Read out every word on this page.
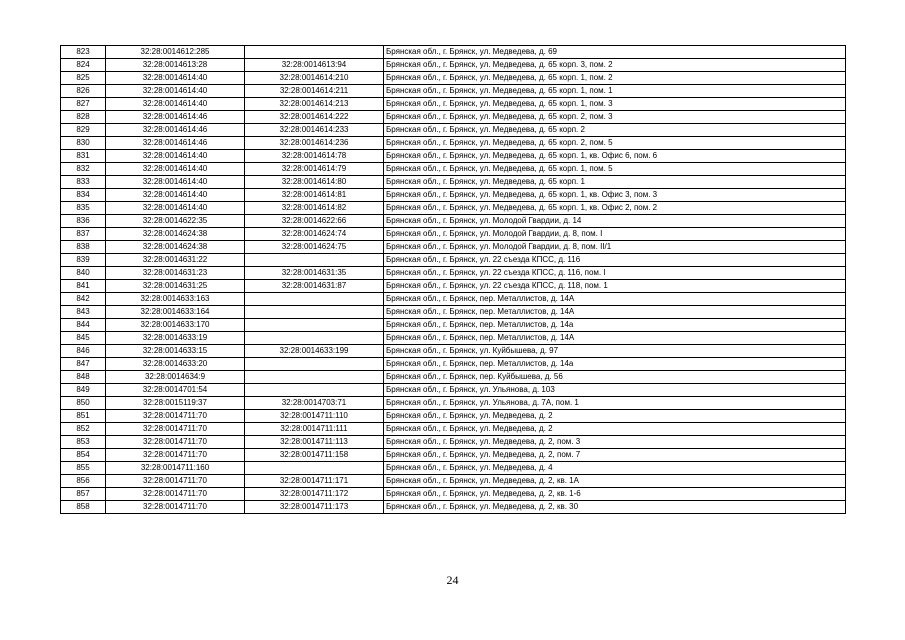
823	32:28:0014612:285		Брянская обл., г. Брянск, ул. Медведева, д. 69
824	32:28:0014613:28	32:28:0014613:94	Брянская обл., г. Брянск, ул. Медведева, д. 65 корп. 3, пом. 2
825	32:28:0014614:40	32:28:0014614:210	Брянская обл., г. Брянск, ул. Медведева, д. 65 корп. 1, пом. 2
826	32:28:0014614:40	32:28:0014614:211	Брянская обл., г. Брянск, ул. Медведева, д. 65 корп. 1, пом. 1
827	32:28:0014614:40	32:28:0014614:213	Брянская обл., г. Брянск, ул. Медведева, д. 65 корп. 1, пом. 3
828	32:28:0014614:46	32:28:0014614:222	Брянская обл., г. Брянск, ул. Медведева, д. 65 корп. 2, пом. 3
829	32:28:0014614:46	32:28:0014614:233	Брянская обл., г. Брянск, ул. Медведева, д. 65 корп. 2
830	32:28:0014614:46	32:28:0014614:236	Брянская обл., г. Брянск, ул. Медведева, д. 65 корп. 2, пом. 5
831	32:28:0014614:40	32:28:0014614:78	Брянская обл., г. Брянск, ул. Медведева, д. 65 корп. 1, кв. Офис 6, пом. 6
832	32:28:0014614:40	32:28:0014614:79	Брянская обл., г. Брянск, ул. Медведева, д. 65 корп. 1, пом. 5
833	32:28:0014614:40	32:28:0014614:80	Брянская обл., г. Брянск, ул. Медведева, д. 65 корп. 1
834	32:28:0014614:40	32:28:0014614:81	Брянская обл., г. Брянск, ул. Медведева, д. 65 корп. 1, кв. Офис 3, пом. 3
835	32:28:0014614:40	32:28:0014614:82	Брянская обл., г. Брянск, ул. Медведева, д. 65 корп. 1, кв. Офис 2, пом. 2
836	32:28:0014622:35	32:28:0014622:66	Брянская обл., г. Брянск, ул. Молодой Гвардии, д. 14
837	32:28:0014624:38	32:28:0014624:74	Брянская обл., г. Брянск, ул. Молодой Гвардии, д. 8, пом. I
838	32:28:0014624:38	32:28:0014624:75	Брянская обл., г. Брянск, ул. Молодой Гвардии, д. 8, пом. II/1
839	32:28:0014631:22		Брянская обл., г. Брянск, ул. 22 съезда КПСС, д. 116
840	32:28:0014631:23	32:28:0014631:35	Брянская обл., г. Брянск, ул. 22 съезда КПСС, д. 116, пом. I
841	32:28:0014631:25	32:28:0014631:87	Брянская обл., г. Брянск, ул. 22 съезда КПСС, д. 118, пом. 1
842	32:28:0014633:163		Брянская обл., г. Брянск, пер. Металлистов, д. 14А
843	32:28:0014633:164		Брянская обл., г. Брянск, пер. Металлистов, д. 14А
844	32:28:0014633:170		Брянская обл., г. Брянск, пер. Металлистов, д. 14а
845	32:28:0014633:19		Брянская обл., г. Брянск, пер. Металлистов, д. 14А
846	32:28:0014633:15	32:28:0014633:199	Брянская обл., г. Брянск, ул. Куйбышева, д. 97
847	32:28:0014633:20		Брянская обл., г. Брянск, пер. Металлистов, д. 14а
848	32:28:0014634:9		Брянская обл., г. Брянск, пер. Куйбышева, д. 56
849	32:28:0014701:54		Брянская обл., г. Брянск, ул. Ульянова, д. 103
850	32:28:0015119:37	32:28:0014703:71	Брянская обл., г. Брянск, ул. Ульянова, д. 7А, пом. 1
851	32:28:0014711:70	32:28:0014711:110	Брянская обл., г. Брянск, ул. Медведева, д. 2
852	32:28:0014711:70	32:28:0014711:111	Брянская обл., г. Брянск, ул. Медведева, д. 2
853	32:28:0014711:70	32:28:0014711:113	Брянская обл., г. Брянск, ул. Медведева, д. 2, пом. 3
854	32:28:0014711:70	32:28:0014711:158	Брянская обл., г. Брянск, ул. Медведева, д. 2, пом. 7
855	32:28:0014711:160		Брянская обл., г. Брянск, ул. Медведева, д. 4
856	32:28:0014711:70	32:28:0014711:171	Брянская обл., г. Брянск, ул. Медведева, д. 2, кв. 1А
857	32:28:0014711:70	32:28:0014711:172	Брянская обл., г. Брянск, ул. Медведева, д. 2, кв. 1-6
858	32:28:0014711:70	32:28:0014711:173	Брянская обл., г. Брянск, ул. Медведева, д. 2, кв. 30
24
